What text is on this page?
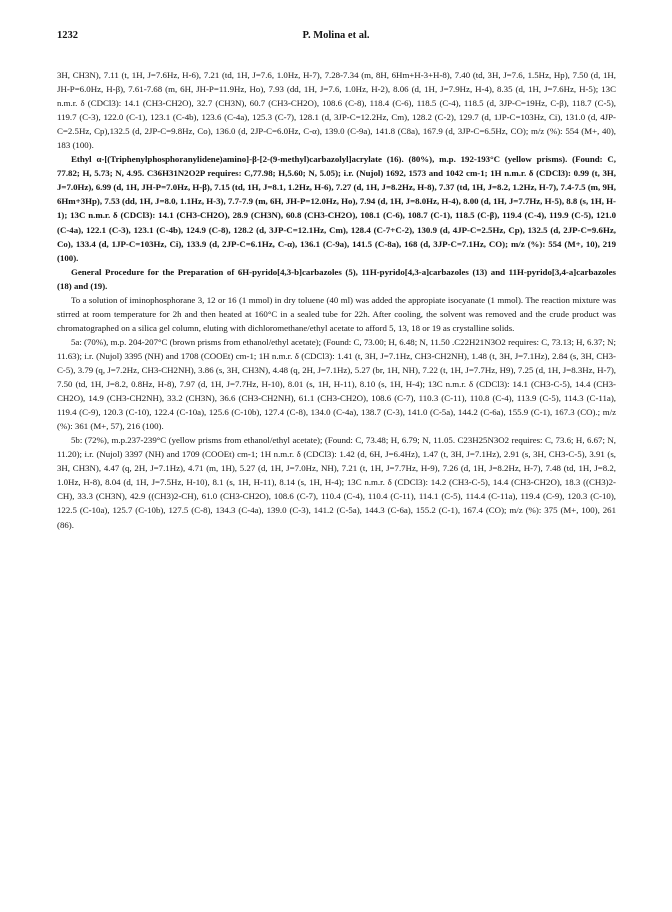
1232	P. Molina et al.

3H, CH3N), 7.11 (t, 1H, J=7.6Hz, H-6), 7.21 (td, 1H, J=7.6, 1.0Hz, H-7), 7.28-7.34 (m, 8H, 6Hm+H-3+H-8), 7.40 (td, 3H, J=7.6, 1.5Hz, Hp), 7.50 (d, 1H, JH-P=6.0Hz, H-β), 7.61-7.68 (m, 6H, JH-P=11.9Hz, Ho), 7.93 (dd, 1H, J=7.6, 1.0Hz, H-2), 8.06 (d, 1H, J=7.9Hz, H-4), 8.35 (d, 1H, J=7.6Hz, H-5); 13C n.m.r. δ (CDCl3): 14.1 (CH3-CH2O), 32.7 (CH3N), 60.7 (CH3-CH2O), 108.6 (C-8), 118.4 (C-6), 118.5 (C-4), 118.5 (d, 3JP-C=19Hz, C-β), 118.7 (C-5), 119.7 (C-3), 122.0 (C-1), 123.1 (C-4b), 123.6 (C-4a), 125.3 (C-7), 128.1 (d, 3JP-C=12.2Hz, Cm), 128.2 (C-2), 129.7 (d, 1JP-C=103Hz, Ci), 131.0 (d, 4JP-C=2.5Hz, Cp),132.5 (d, 2JP-C=9.8Hz, Co), 136.0 (d, 2JP-C=6.0Hz, C-α), 139.0 (C-9a), 141.8 (C8a), 167.9 (d, 3JP-C=6.5Hz, CO); m/z (%): 554 (M+, 40), 183 (100).

Ethyl α-[(Triphenylphosphoranylidene)amino]-β-[2-(9-methyl)carbazolyl]acrylate (16). (80%), m.p. 192-193°C (yellow prisms). (Found: C, 77.82; H, 5.73; N, 4.95. C36H31N2O2P requires: C,77.98; H,5.60; N, 5.05); i.r. (Nujol) 1692, 1573 and 1042 cm-1; 1H n.m.r. δ (CDCl3): 0.99 (t, 3H, J=7.0Hz), 6.99 (d, 1H, JH-P=7.0Hz, H-β), 7.15 (td, 1H, J=8.1, 1.2Hz, H-6), 7.27 (d, 1H, J=8.2Hz, H-8), 7.37 (td, 1H, J=8.2, 1.2Hz, H-7), 7.4-7.5 (m, 9H, 6Hm+3Hp), 7.53 (dd, 1H, J=8.0, 1.1Hz, H-3), 7.7-7.9 (m, 6H, JH-P=12.0Hz, Ho), 7.94 (d, 1H, J=8.0Hz, H-4), 8.00 (d, 1H, J=7.7Hz, H-5), 8.8 (s, 1H, H-1); 13C n.m.r. δ (CDCl3): 14.1 (CH3-CH2O), 28.9 (CH3N), 60.8 (CH3-CH2O), 108.1 (C-6), 108.7 (C-1), 118.5 (C-β), 119.4 (C-4), 119.9 (C-5), 121.0 (C-4a), 122.1 (C-3), 123.1 (C-4b), 124.9 (C-8), 128.2 (d, 3JP-C=12.1Hz, Cm), 128.4 (C-7+C-2), 130.9 (d, 4JP-C=2.5Hz, Cp), 132.5 (d, 2JP-C=9.6Hz, Co), 133.4 (d, 1JP-C=103Hz, Ci), 133.9 (d, 2JP-C=6.1Hz, C-α), 136.1 (C-9a), 141.5 (C-8a), 168 (d, 3JP-C=7.1Hz, CO); m/z (%): 554 (M+, 10), 219 (100).

General Procedure for the Preparation of 6H-pyrido[4,3-b]carbazoles (5), 11H-pyrido[4,3-a]carbazoles (13) and 11H-pyrido[3,4-a]carbazoles (18) and (19).

To a solution of iminophosphorane 3, 12 or 16 (1 mmol) in dry toluene (40 ml) was added the appropiate isocyanate (1 mmol). The reaction mixture was stirred at room temperature for 2h and then heated at 160°C in a sealed tube for 22h. After cooling, the solvent was removed and the crude product was chromatographed on a silica gel column, eluting with dichloromethane/ethyl acetate to afford 5, 13, 18 or 19 as crystalline solids.

5a: (70%), m.p. 204-207°C (brown prisms from ethanol/ethyl acetate); (Found: C, 73.00; H, 6.48; N, 11.50 .C22H21N3O2 requires: C, 73.13; H, 6.37; N; 11.63); i.r. (Nujol) 3395 (NH) and 1708 (COOEt) cm-1; 1H n.m.r. δ (CDCl3): 1.41 (t, 3H, J=7.1Hz, CH3-CH2NH), 1.48 (t, 3H, J=7.1Hz), 2.84 (s, 3H, CH3-C-5), 3.79 (q, J=7.2Hz, CH3-CH2NH), 3.86 (s, 3H, CH3N), 4.48 (q, 2H, J=7.1Hz), 5.27 (br, 1H, NH), 7.22 (t, 1H, J=7.7Hz, H9), 7.25 (d, 1H, J=8.3Hz, H-7), 7.50 (td, 1H, J=8.2, 0.8Hz, H-8), 7.97 (d, 1H, J=7.7Hz, H-10), 8.01 (s, 1H, H-11), 8.10 (s, 1H, H-4); 13C n.m.r. δ (CDCl3): 14.1 (CH3-C-5), 14.4 (CH3-CH2O), 14.9 (CH3-CH2NH), 33.2 (CH3N), 36.6 (CH3-CH2NH), 61.1 (CH3-CH2O), 108.6 (C-7), 110.3 (C-11), 110.8 (C-4), 113.9 (C-5), 114.3 (C-11a), 119.4 (C-9), 120.3 (C-10), 122.4 (C-10a), 125.6 (C-10b), 127.4 (C-8), 134.0 (C-4a), 138.7 (C-3), 141.0 (C-5a), 144.2 (C-6a), 155.9 (C-1), 167.3 (CO).; m/z (%): 361 (M+, 57), 216 (100).

5b: (72%), m.p.237-239°C (yellow prisms from ethanol/ethyl acetate); (Found: C, 73.48; H, 6.79; N, 11.05. C23H25N3O2 requires: C, 73.6; H, 6.67; N, 11.20); i.r. (Nujol) 3397 (NH) and 1709 (COOEt) cm-1; 1H n.m.r. δ (CDCl3): 1.42 (d, 6H, J=6.4Hz), 1.47 (t, 3H, J=7.1Hz), 2.91 (s, 3H, CH3-C-5), 3.91 (s, 3H, CH3N), 4.47 (q, 2H, J=7.1Hz), 4.71 (m, 1H), 5.27 (d, 1H, J=7.0Hz, NH), 7.21 (t, 1H, J=7.7Hz, H-9), 7.26 (d, 1H, J=8.2Hz, H-7), 7.48 (td, 1H, J=8.2, 1.0Hz, H-8), 8.04 (d, 1H, J=7.5Hz, H-10), 8.1 (s, 1H, H-11), 8.14 (s, 1H, H-4); 13C n.m.r. δ (CDCl3): 14.2 (CH3-C-5), 14.4 (CH3-CH2O), 18.3 ((CH3)2-CH), 33.3 (CH3N), 42.9 ((CH3)2-CH), 61.0 (CH3-CH2O), 108.6 (C-7), 110.4 (C-4), 110.4 (C-11), 114.1 (C-5), 114.4 (C-11a), 119.4 (C-9), 120.3 (C-10), 122.5 (C-10a), 125.7 (C-10b), 127.5 (C-8), 134.3 (C-4a), 139.0 (C-3), 141.2 (C-5a), 144.3 (C-6a), 155.2 (C-1), 167.4 (CO); m/z (%): 375 (M+, 100), 261 (86).
